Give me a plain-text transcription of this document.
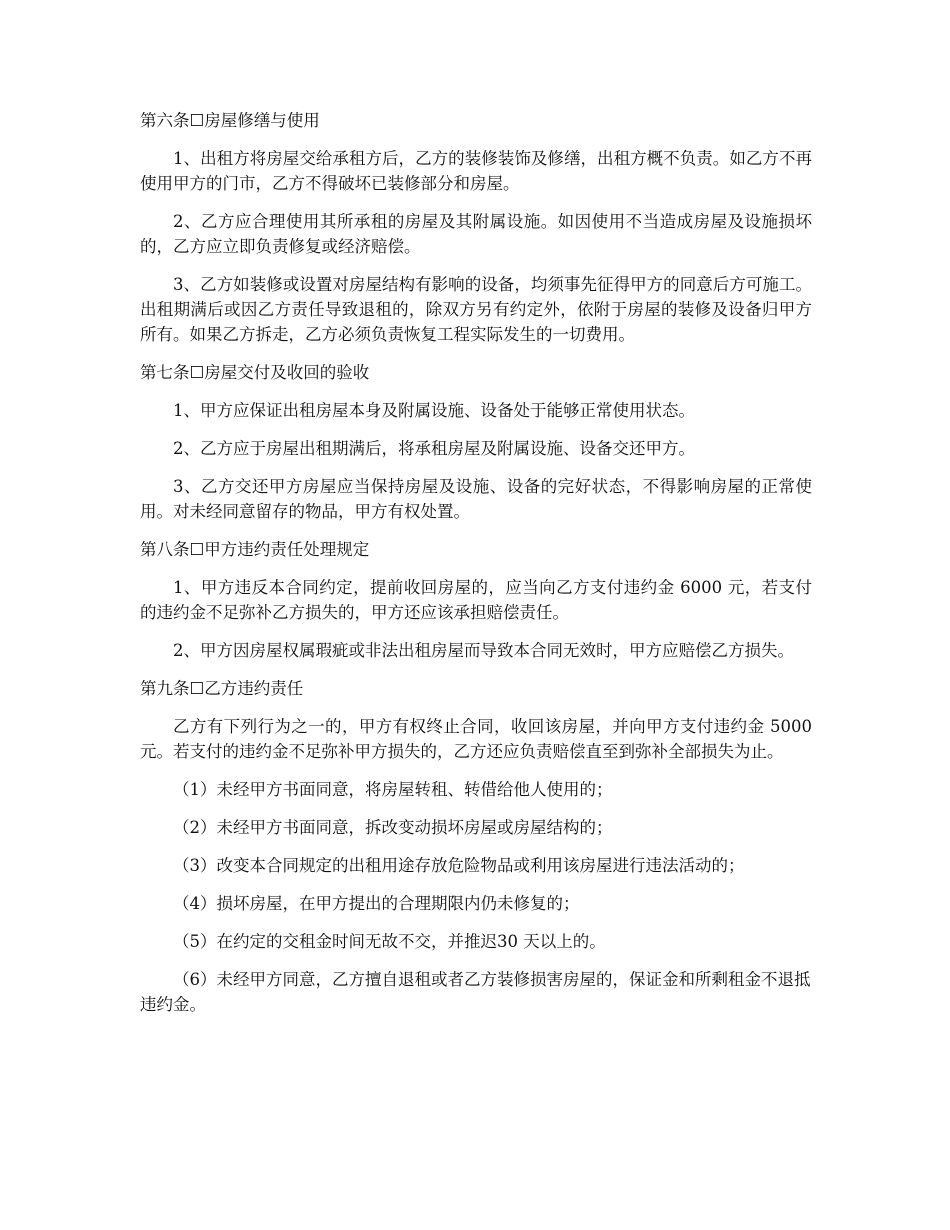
第六条☐房屋修缮与使用
1、出租方将房屋交给承租方后，乙方的装修装饰及修缮，出租方概不负责。如乙方不再使用甲方的门市，乙方不得破坏已装修部分和房屋。
2、乙方应合理使用其所承租的房屋及其附属设施。如因使用不当造成房屋及设施损坏的，乙方应立即负责修复或经济赔偿。
3、乙方如装修或设置对房屋结构有影响的设备，均须事先征得甲方的同意后方可施工。出租期满后或因乙方责任导致退租的，除双方另有约定外，依附于房屋的装修及设备归甲方所有。如果乙方拆走，乙方必须负责恢复工程实际发生的一切费用。
第七条☐房屋交付及收回的验收
1、甲方应保证出租房屋本身及附属设施、设备处于能够正常使用状态。
2、乙方应于房屋出租期满后，将承租房屋及附属设施、设备交还甲方。
3、乙方交还甲方房屋应当保持房屋及设施、设备的完好状态，不得影响房屋的正常使用。对未经同意留存的物品，甲方有权处置。
第八条☐甲方违约责任处理规定
1、甲方违反本合同约定，提前收回房屋的，应当向乙方支付违约金 6000 元，若支付的违约金不足弥补乙方损失的，甲方还应该承担赔偿责任。
2、甲方因房屋权属瑕疵或非法出租房屋而导致本合同无效时，甲方应赔偿乙方损失。
第九条☐乙方违约责任
乙方有下列行为之一的，甲方有权终止合同，收回该房屋，并向甲方支付违约金 5000 元。若支付的违约金不足弥补甲方损失的，乙方还应负责赔偿直至到弥补全部损失为止。
（1）未经甲方书面同意，将房屋转租、转借给他人使用的；
（2）未经甲方书面同意，拆改变动损坏房屋或房屋结构的；
（3）改变本合同规定的出租用途存放危险物品或利用该房屋进行违法活动的；
（4）损坏房屋，在甲方提出的合理期限内仍未修复的；
（5）在约定的交租金时间无故不交，并推迟30 天以上的。
（6）未经甲方同意，乙方擅自退租或者乙方装修损害房屋的，保证金和所剩租金不退抵违约金。
